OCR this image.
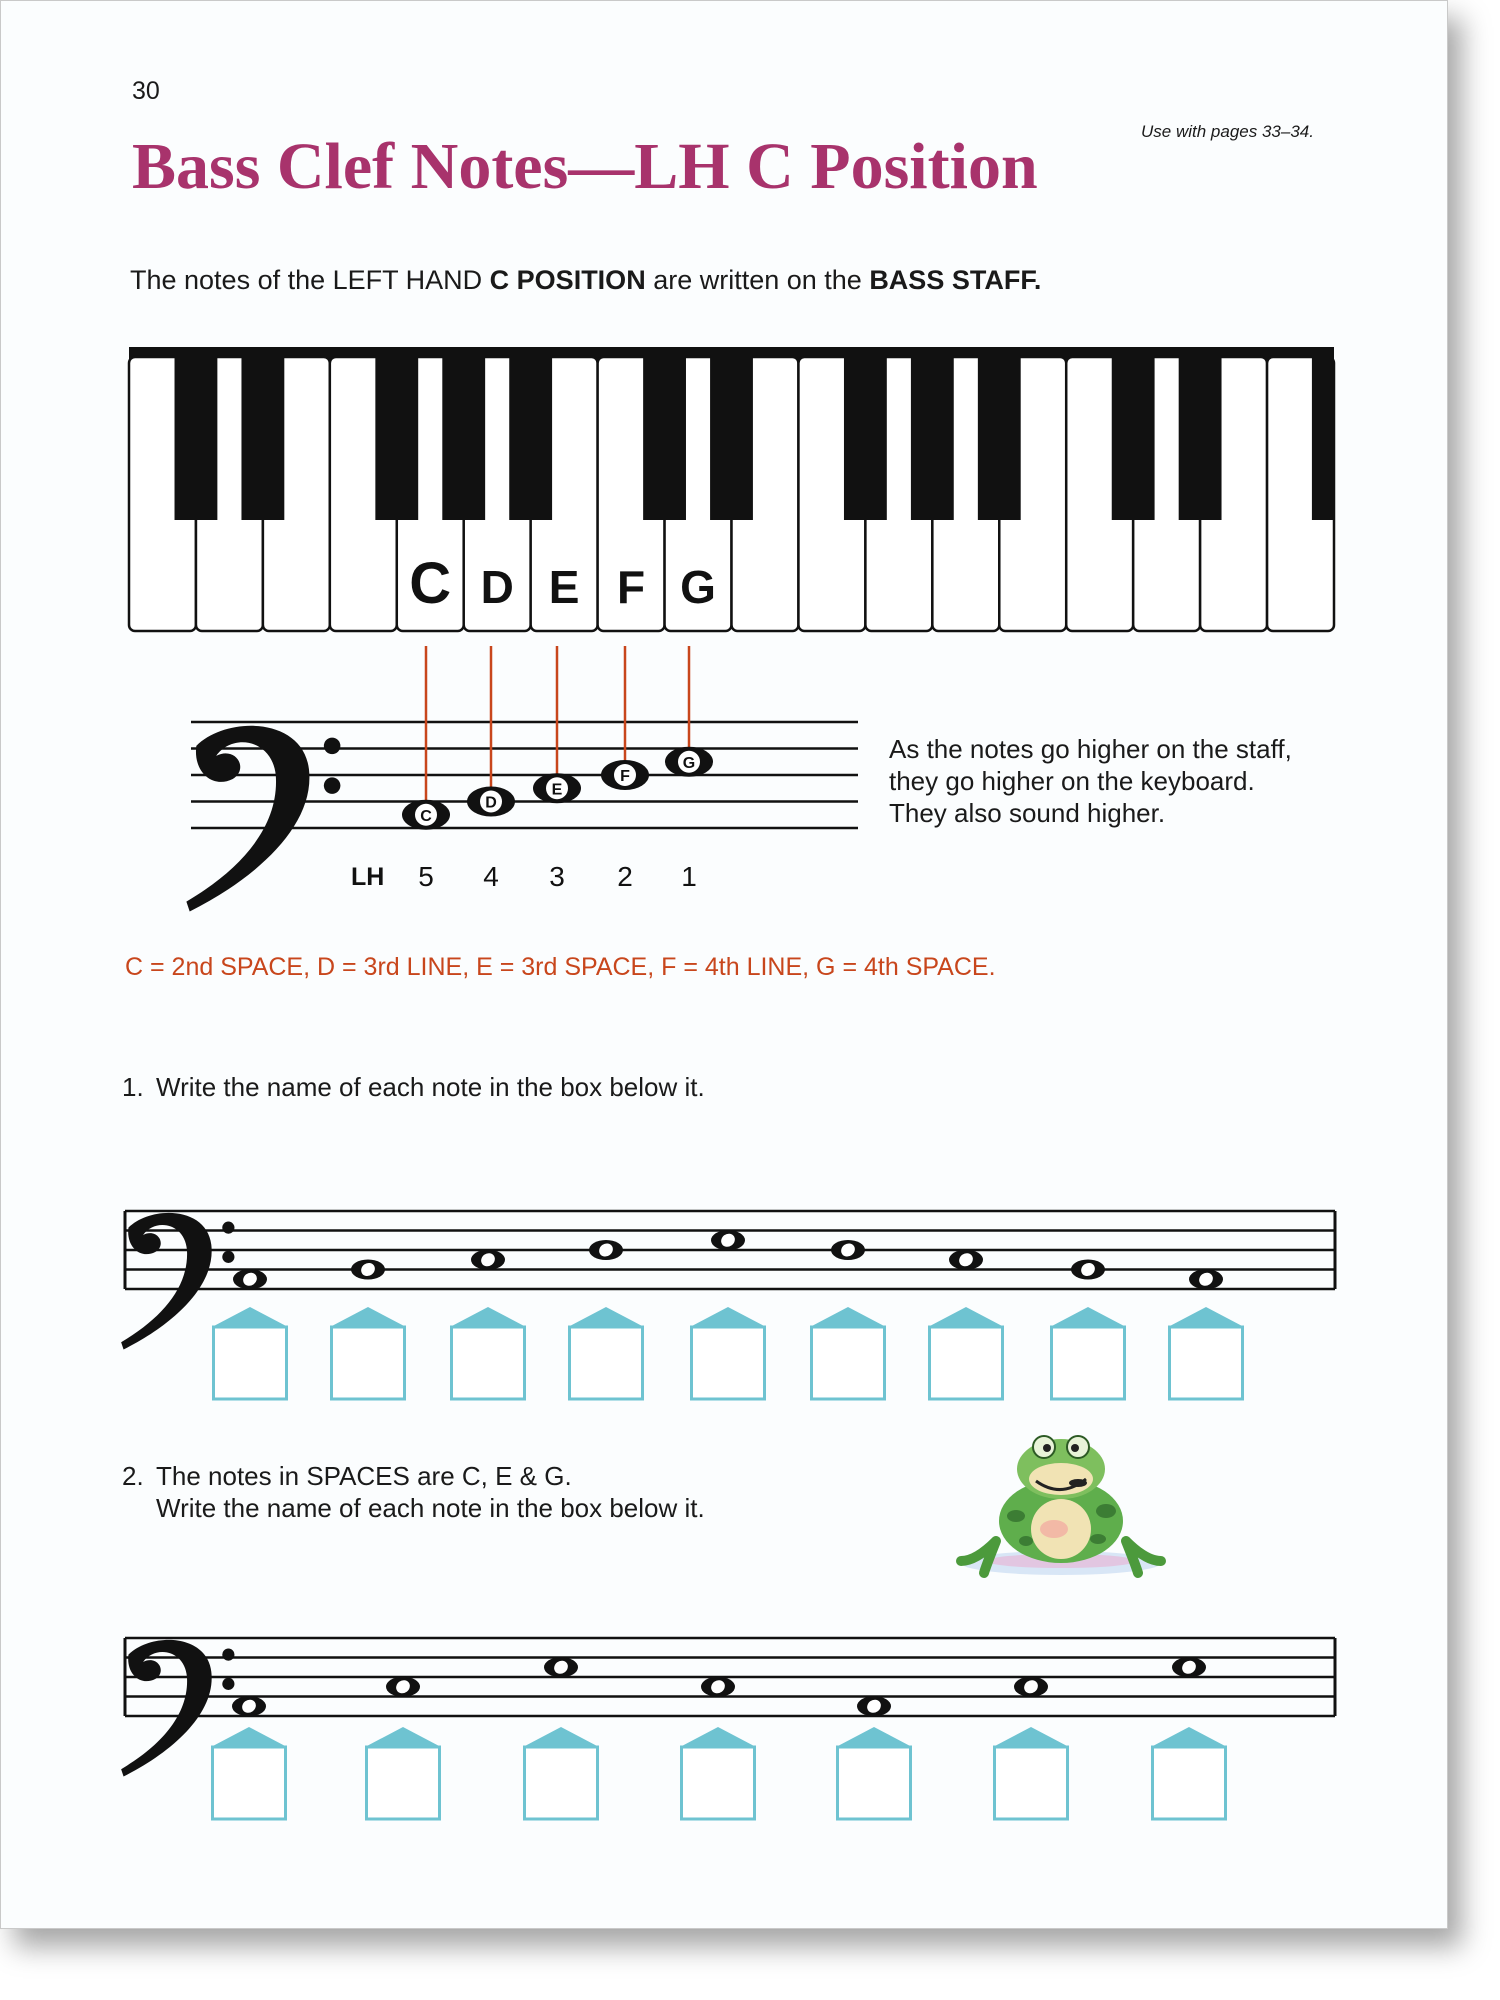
30
Use with pages 33–34.
Bass Clef Notes—LH C Position
The notes of the LEFT HAND C POSITION are written on the BASS STAFF.
C D E F G
C
D
E
F
G
LH 5 4 3 2 1
As the notes go higher on the staff,
they go higher on the keyboard.
They also sound higher.
C = 2nd SPACE, D = 3rd LINE, E = 3rd SPACE, F = 4th LINE, G = 4th SPACE.
1. Write the name of each note in the box below it.
2. The notes in SPACES are C, E & G.
Write the name of each note in the box below it.
